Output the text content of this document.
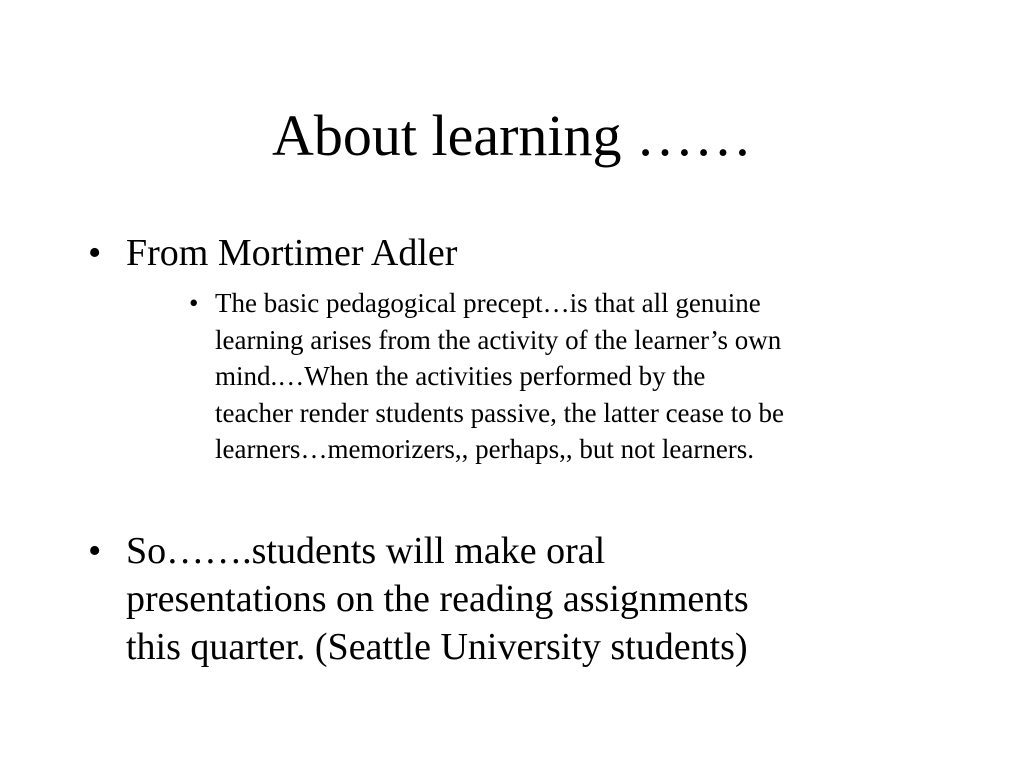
About learning ……
• From Mortimer Adler
• The basic pedagogical precept…is that all genuine
learning arises from the activity of the learner’s own
mind.…When the activities performed by the
teacher render students passive, the latter cease to be
learners…memorizers,, perhaps,, but not learners.
• So…….students will make oral
presentations on the reading assignments
this quarter. (Seattle University students)
